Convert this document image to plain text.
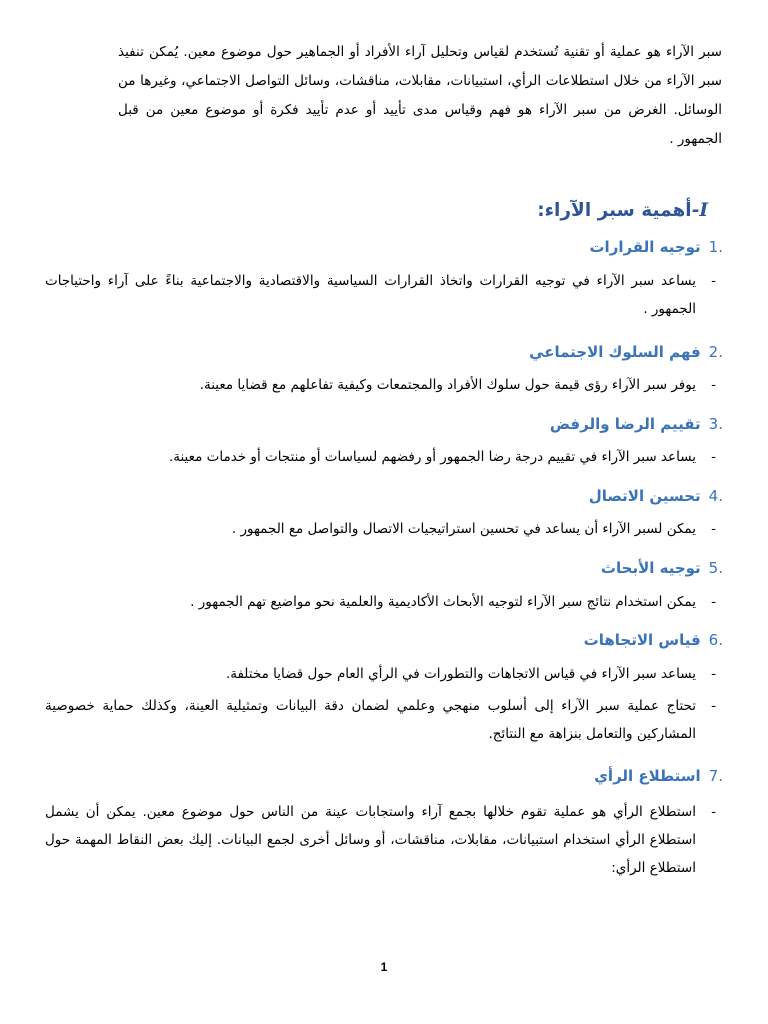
سبر الآراء هو عملية أو تقنية تُستخدم لقياس وتحليل آراء الأفراد أو الجماهير حول موضوع معين. يُمكن تنفيذ سبر الآراء من خلال استطلاعات الرأي، استبيانات، مقابلات، مناقشات، وسائل التواصل الاجتماعي، وغيرها من الوسائل. الغرض من سبر الآراء هو فهم وقياس مدى تأييد أو عدم تأييد فكرة أو موضوع معين من قبل الجمهور .

I-أهمية سبر الآراء:
.1توجيه القرارات

-
يساعد سبر الآراء في توجيه القرارات واتخاذ القرارات السياسية والاقتصادية والاجتماعية بناءً على آراء واحتياجات الجمهور .

.2فهم السلوك الاجتماعي

-
يوفر سبر الآراء رؤى قيمة حول سلوك الأفراد والمجتمعات وكيفية تفاعلهم مع قضايا معينة.

.3تقييم الرضا والرفض

-
يساعد سبر الآراء في تقييم درجة رضا الجمهور أو رفضهم لسياسات أو منتجات أو خدمات معينة.

.4تحسين الاتصال

-
يمكن لسبر الآراء أن يساعد في تحسين استراتيجيات الاتصال والتواصل مع الجمهور .

.5توجيه الأبحاث

-
يمكن استخدام نتائج سبر الآراء لتوجيه الأبحاث الأكاديمية والعلمية نحو مواضيع تهم الجمهور .

.6قياس الاتجاهات

-
يساعد سبر الآراء في قياس الاتجاهات والتطورات في الرأي العام حول قضايا مختلفة.

-
تحتاج عملية سبر الآراء إلى أسلوب منهجي وعلمي لضمان دقة البيانات وتمثيلية العينة، وكذلك حماية خصوصية المشاركين والتعامل بنزاهة مع النتائج.

.7استطلاع الرأي

-
استطلاع الرأي هو عملية تقوم خلالها بجمع آراء واستجابات عينة من الناس حول موضوع معين. يمكن أن يشمل استطلاع الرأي استخدام استبيانات، مقابلات، مناقشات، أو وسائل أخرى لجمع البيانات. إليك بعض النقاط المهمة حول استطلاع الرأي:

1
